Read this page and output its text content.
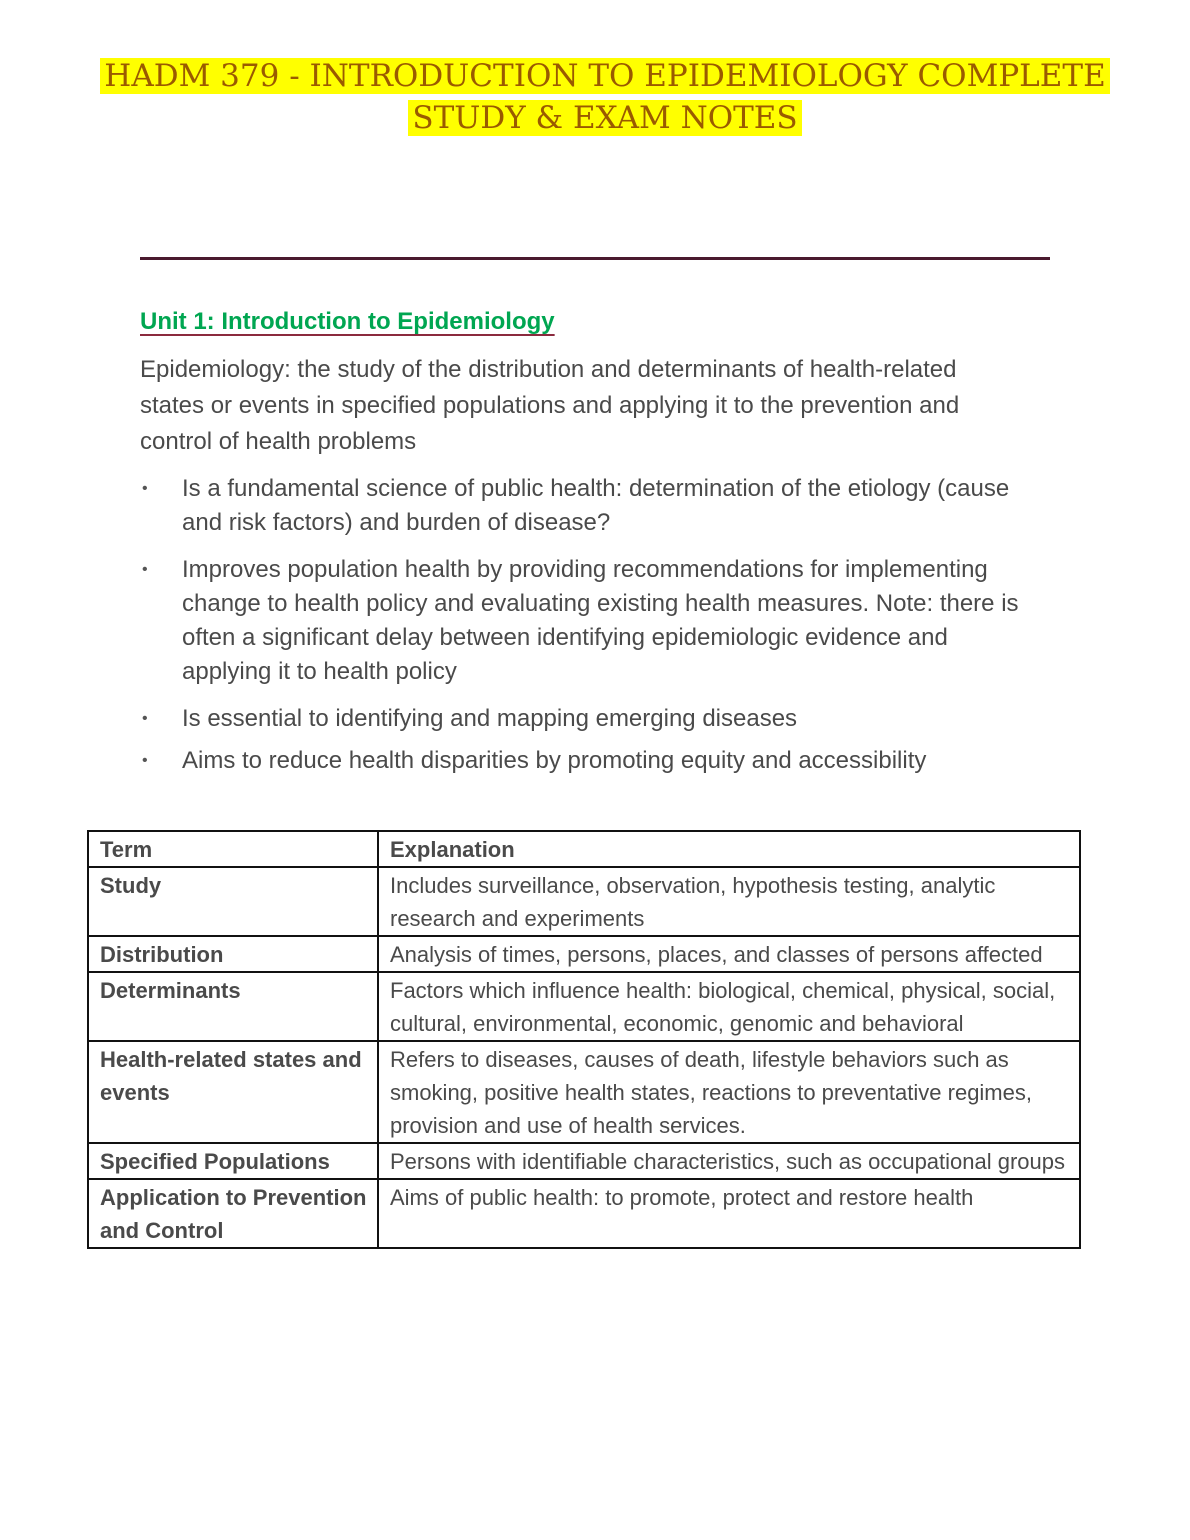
HADM 379 - INTRODUCTION TO EPIDEMIOLOGY COMPLETE
STUDY & EXAM NOTES
Unit 1: Introduction to Epidemiology

Epidemiology: the study of the distribution and determinants of health-related states or events in specified populations and applying it to the prevention and control of health problems

• Is a fundamental science of public health: determination of the etiology (cause and risk factors) and burden of disease?
• Improves population health by providing recommendations for implementing change to health policy and evaluating existing health measures. Note: there is often a significant delay between identifying epidemiologic evidence and applying it to health policy
• Is essential to identifying and mapping emerging diseases
• Aims to reduce health disparities by promoting equity and accessibility
Term	Explanation
Study	Includes surveillance, observation, hypothesis testing, analytic research and experiments
Distribution	Analysis of times, persons, places, and classes of persons affected
Determinants	Factors which influence health: biological, chemical, physical, social, cultural, environmental, economic, genomic and behavioral
Health-related states and events	Refers to diseases, causes of death, lifestyle behaviors such as smoking, positive health states, reactions to preventative regimes, provision and use of health services.
Specified Populations	Persons with identifiable characteristics, such as occupational groups
Application to Prevention and Control	Aims of public health: to promote, protect and restore health
